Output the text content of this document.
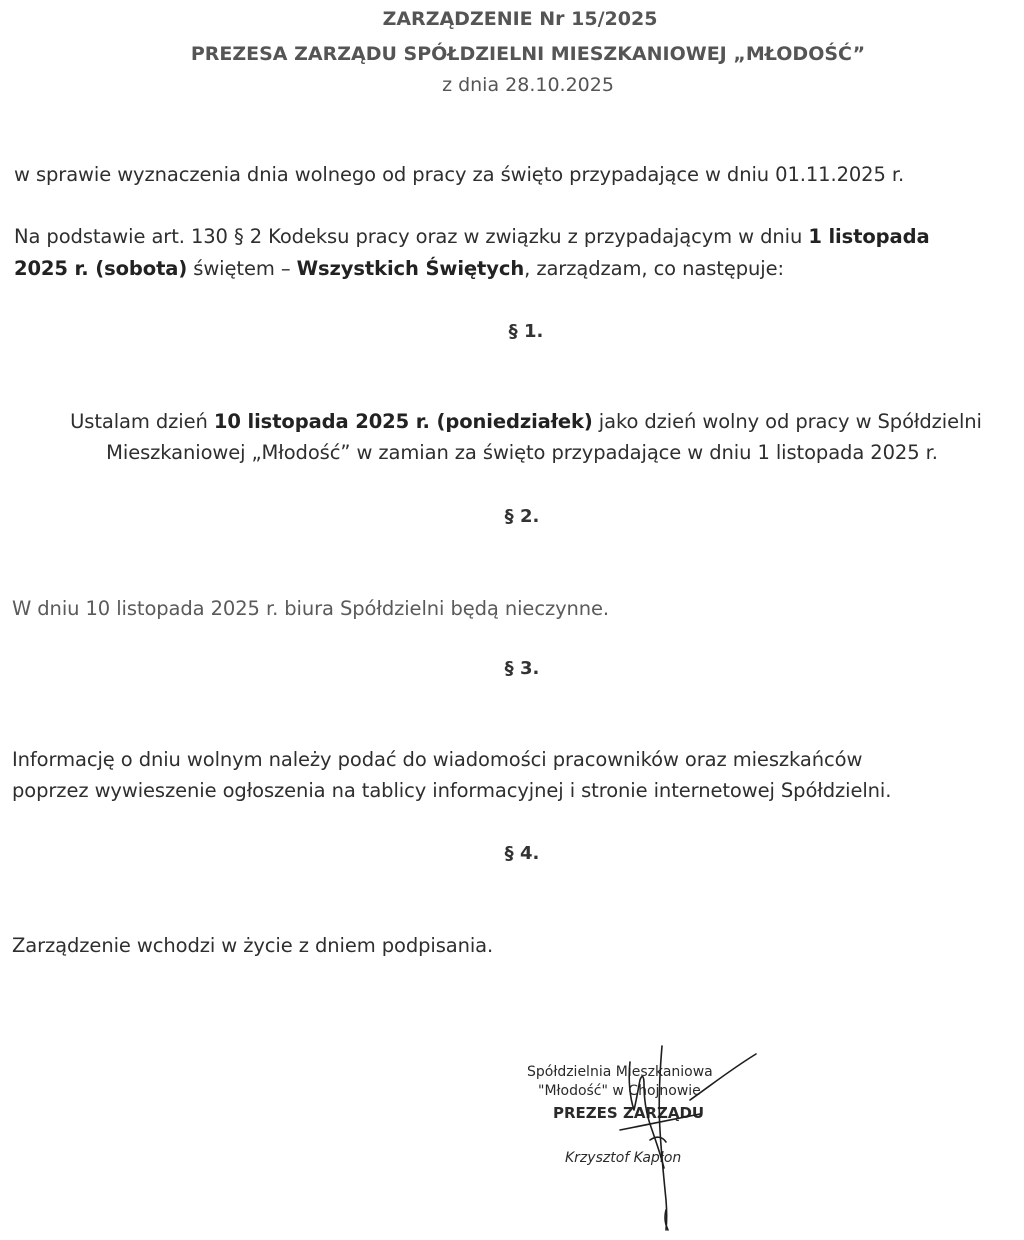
ZARZĄDZENIE Nr 15/2025
PREZESA ZARZĄDU SPÓŁDZIELNI MIESZKANIOWEJ „MŁODOŚĆ”
z dnia 28.10.2025
w sprawie wyznaczenia dnia wolnego od pracy za święto przypadające w dniu 01.11.2025 r.
Na podstawie art. 130 § 2 Kodeksu pracy oraz w związku z przypadającym w dniu 1 listopada
2025 r. (sobota) świętem – Wszystkich Świętych, zarządzam, co następuje:
§ 1.
Ustalam dzień 10 listopada 2025 r. (poniedziałek) jako dzień wolny od pracy w Spółdzielni
Mieszkaniowej „Młodość” w zamian za święto przypadające w dniu 1 listopada 2025 r.
§ 2.
W dniu 10 listopada 2025 r. biura Spółdzielni będą nieczynne.
§ 3.
Informację o dniu wolnym należy podać do wiadomości pracowników oraz mieszkańców
poprzez wywieszenie ogłoszenia na tablicy informacyjnej i stronie internetowej Spółdzielni.
§ 4.
Zarządzenie wchodzi w życie z dniem podpisania.
Spółdzielnia Mieszkaniowa
"Młodość" w Chojnowie
PREZES ZARZĄDU
Krzysztof Kapłon
